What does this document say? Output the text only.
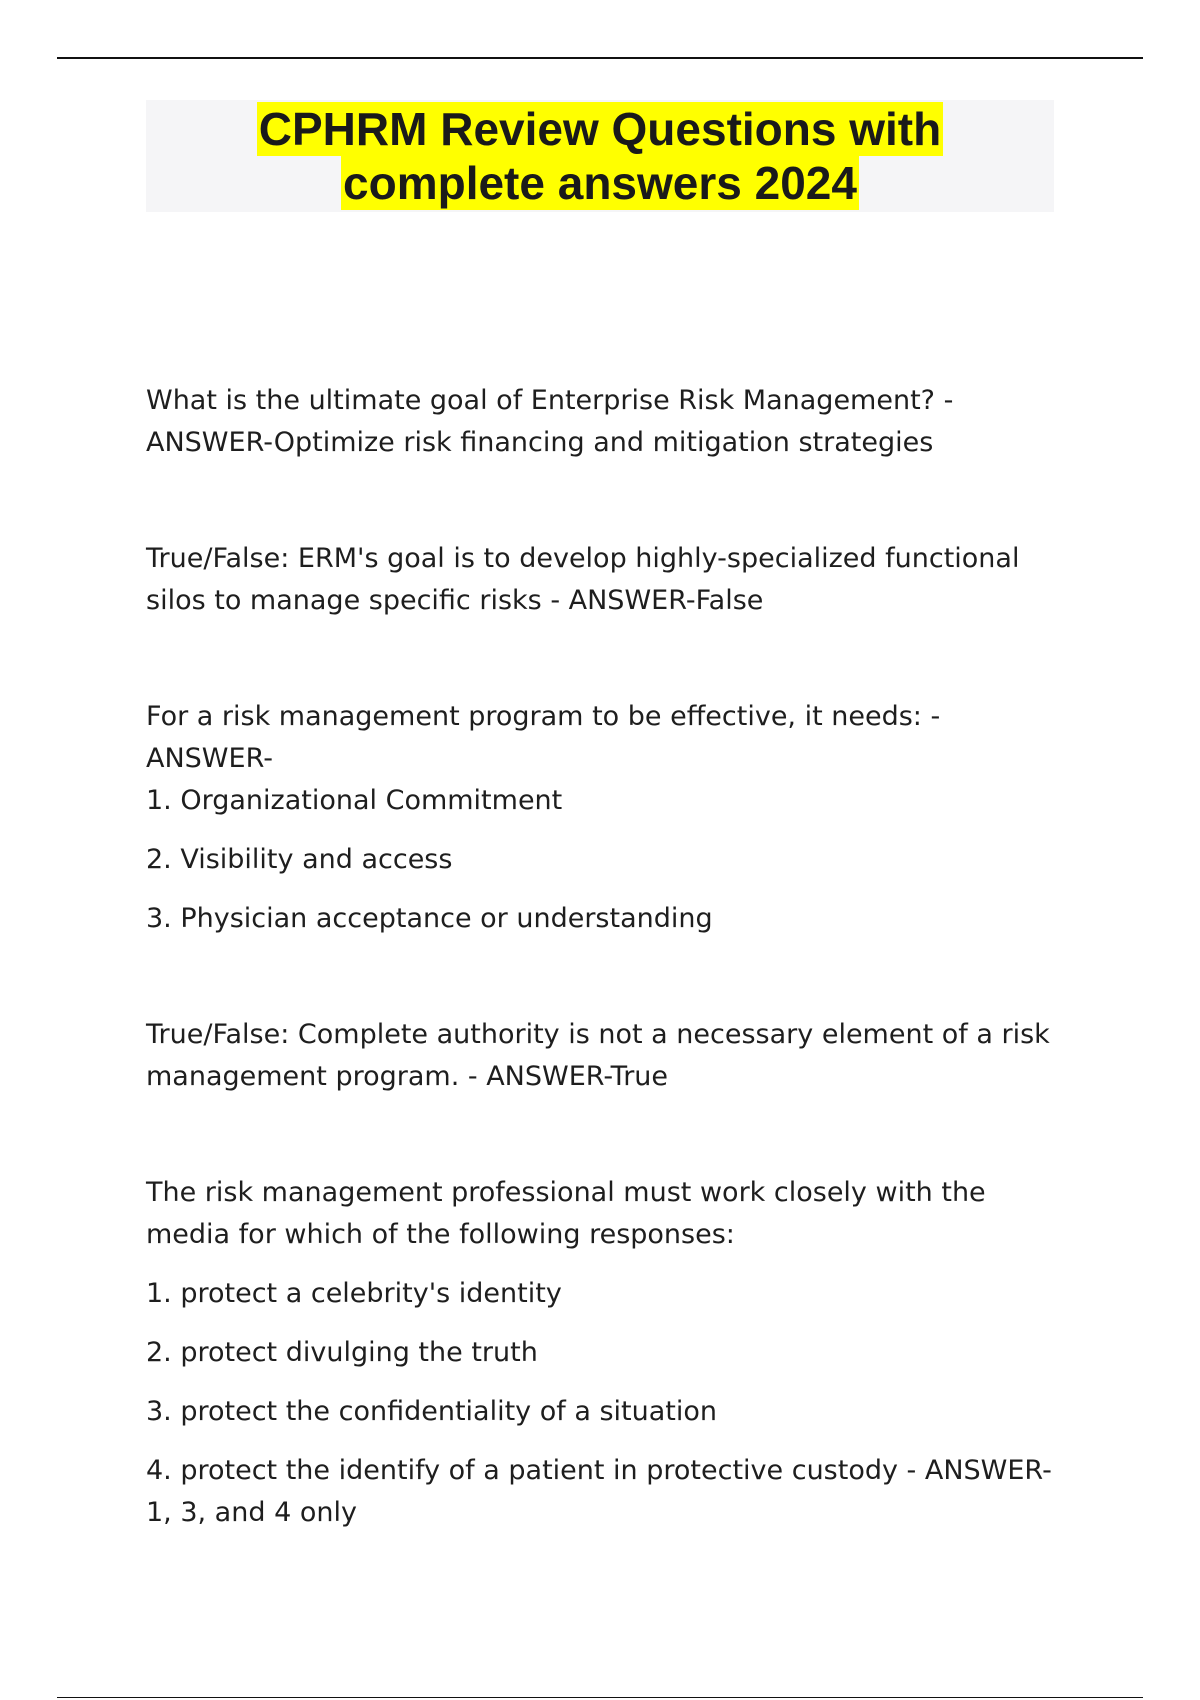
CPHRM Review Questions with
complete answers 2024

What is the ultimate goal of Enterprise Risk Management? - ANSWER-Optimize risk financing and mitigation strategies

True/False: ERM's goal is to develop highly-specialized functional silos to manage specific risks - ANSWER-False

For a risk management program to be effective, it needs: - ANSWER-

1. Organizational Commitment

2. Visibility and access

3. Physician acceptance or understanding

True/False: Complete authority is not a necessary element of a risk management program. - ANSWER-True

The risk management professional must work closely with the media for which of the following responses:

1. protect a celebrity's identity

2. protect divulging the truth

3. protect the confidentiality of a situation

4. protect the identify of a patient in protective custody - ANSWER-1, 3, and 4 only
